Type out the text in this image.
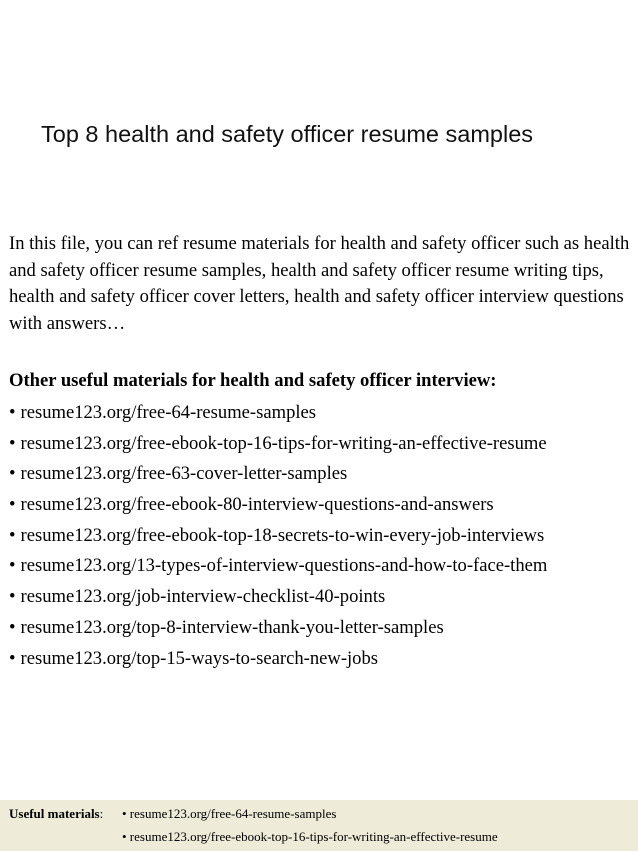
Top 8 health and safety officer resume samples

In this file, you can ref resume materials for health and safety officer such as health and safety officer resume samples, health and safety officer resume writing tips, health and safety officer cover letters, health and safety officer interview questions with answers…

Other useful materials for health and safety officer interview:
• resume123.org/free-64-resume-samples
• resume123.org/free-ebook-top-16-tips-for-writing-an-effective-resume
• resume123.org/free-63-cover-letter-samples
• resume123.org/free-ebook-80-interview-questions-and-answers
• resume123.org/free-ebook-top-18-secrets-to-win-every-job-interviews
• resume123.org/13-types-of-interview-questions-and-how-to-face-them
• resume123.org/job-interview-checklist-40-points
• resume123.org/top-8-interview-thank-you-letter-samples
• resume123.org/top-15-ways-to-search-new-jobs
Useful materials: • resume123.org/free-64-resume-samples
• resume123.org/free-ebook-top-16-tips-for-writing-an-effective-resume
